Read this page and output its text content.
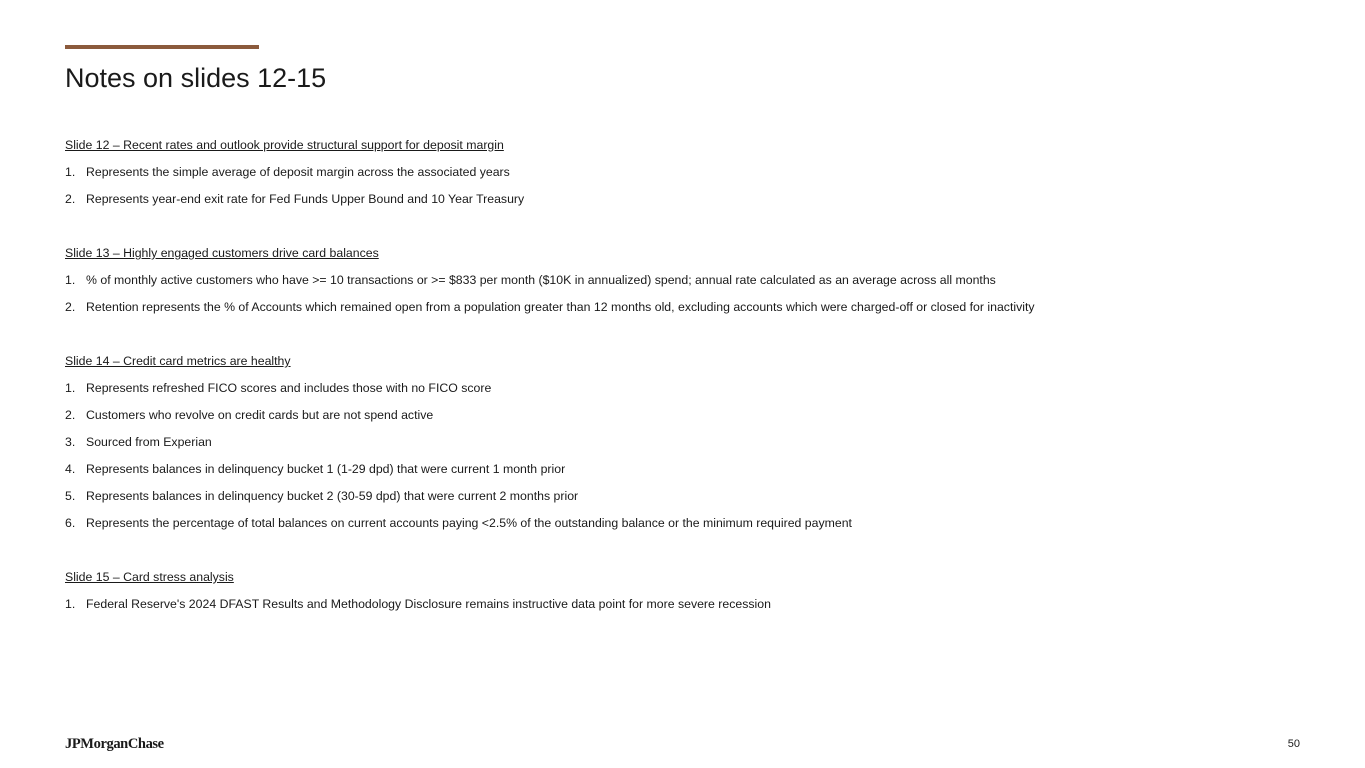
Notes on slides 12-15
Slide 12 – Recent rates and outlook provide structural support for deposit margin
1. Represents the simple average of deposit margin across the associated years
2. Represents year-end exit rate for Fed Funds Upper Bound and 10 Year Treasury
Slide 13 – Highly engaged customers drive card balances
1. % of monthly active customers who have >= 10 transactions or >= $833 per month ($10K in annualized) spend; annual rate calculated as an average across all months
2. Retention represents the % of Accounts which remained open from a population greater than 12 months old, excluding accounts which were charged-off or closed for inactivity
Slide 14 – Credit card metrics are healthy
1. Represents refreshed FICO scores and includes those with no FICO score
2. Customers who revolve on credit cards but are not spend active
3. Sourced from Experian
4. Represents balances in delinquency bucket 1 (1-29 dpd) that were current 1 month prior
5. Represents balances in delinquency bucket 2 (30-59 dpd) that were current 2 months prior
6. Represents the percentage of total balances on current accounts paying <2.5% of the outstanding balance or the minimum required payment
Slide 15 – Card stress analysis
1. Federal Reserve's 2024 DFAST Results and Methodology Disclosure remains instructive data point for more severe recession
JPMorganChase	50
